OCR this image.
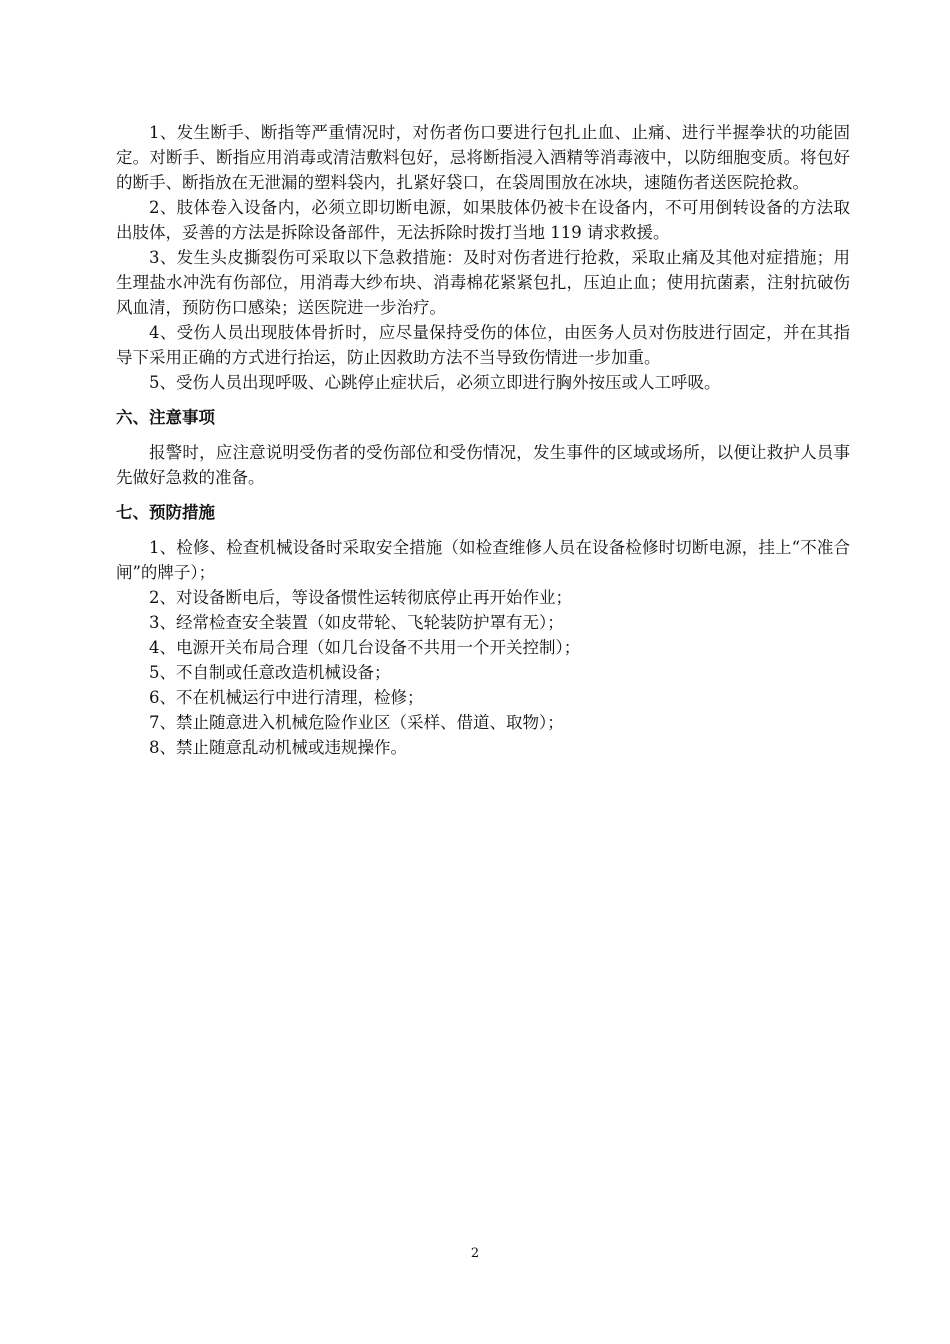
1、发生断手、断指等严重情况时，对伤者伤口要进行包扎止血、止痛、进行半握拳状的功能固定。对断手、断指应用消毒或清洁敷料包好，忌将断指浸入酒精等消毒液中，以防细胞变质。将包好的断手、断指放在无泄漏的塑料袋内，扎紧好袋口，在袋周围放在冰块，速随伤者送医院抢救。

2、肢体卷入设备内，必须立即切断电源，如果肢体仍被卡在设备内，不可用倒转设备的方法取出肢体，妥善的方法是拆除设备部件，无法拆除时拨打当地 119 请求救援。

3、发生头皮撕裂伤可采取以下急救措施：及时对伤者进行抢救，采取止痛及其他对症措施；用生理盐水冲洗有伤部位，用消毒大纱布块、消毒棉花紧紧包扎，压迫止血；使用抗菌素，注射抗破伤风血清，预防伤口感染；送医院进一步治疗。

4、受伤人员出现肢体骨折时，应尽量保持受伤的体位，由医务人员对伤肢进行固定，并在其指导下采用正确的方式进行抬运，防止因救助方法不当导致伤情进一步加重。

5、受伤人员出现呼吸、心跳停止症状后，必须立即进行胸外按压或人工呼吸。

六、注意事项

报警时，应注意说明受伤者的受伤部位和受伤情况，发生事件的区域或场所，以便让救护人员事先做好急救的准备。

七、预防措施

1、检修、检查机械设备时采取安全措施（如检查维修人员在设备检修时切断电源，挂上“不准合闸”的牌子）；

2、对设备断电后，等设备惯性运转彻底停止再开始作业；

3、经常检查安全装置（如皮带轮、飞轮装防护罩有无）；

4、电源开关布局合理（如几台设备不共用一个开关控制）；

5、不自制或任意改造机械设备；

6、不在机械运行中进行清理，检修；

7、禁止随意进入机械危险作业区（采样、借道、取物）；

8、禁止随意乱动机械或违规操作。

2
